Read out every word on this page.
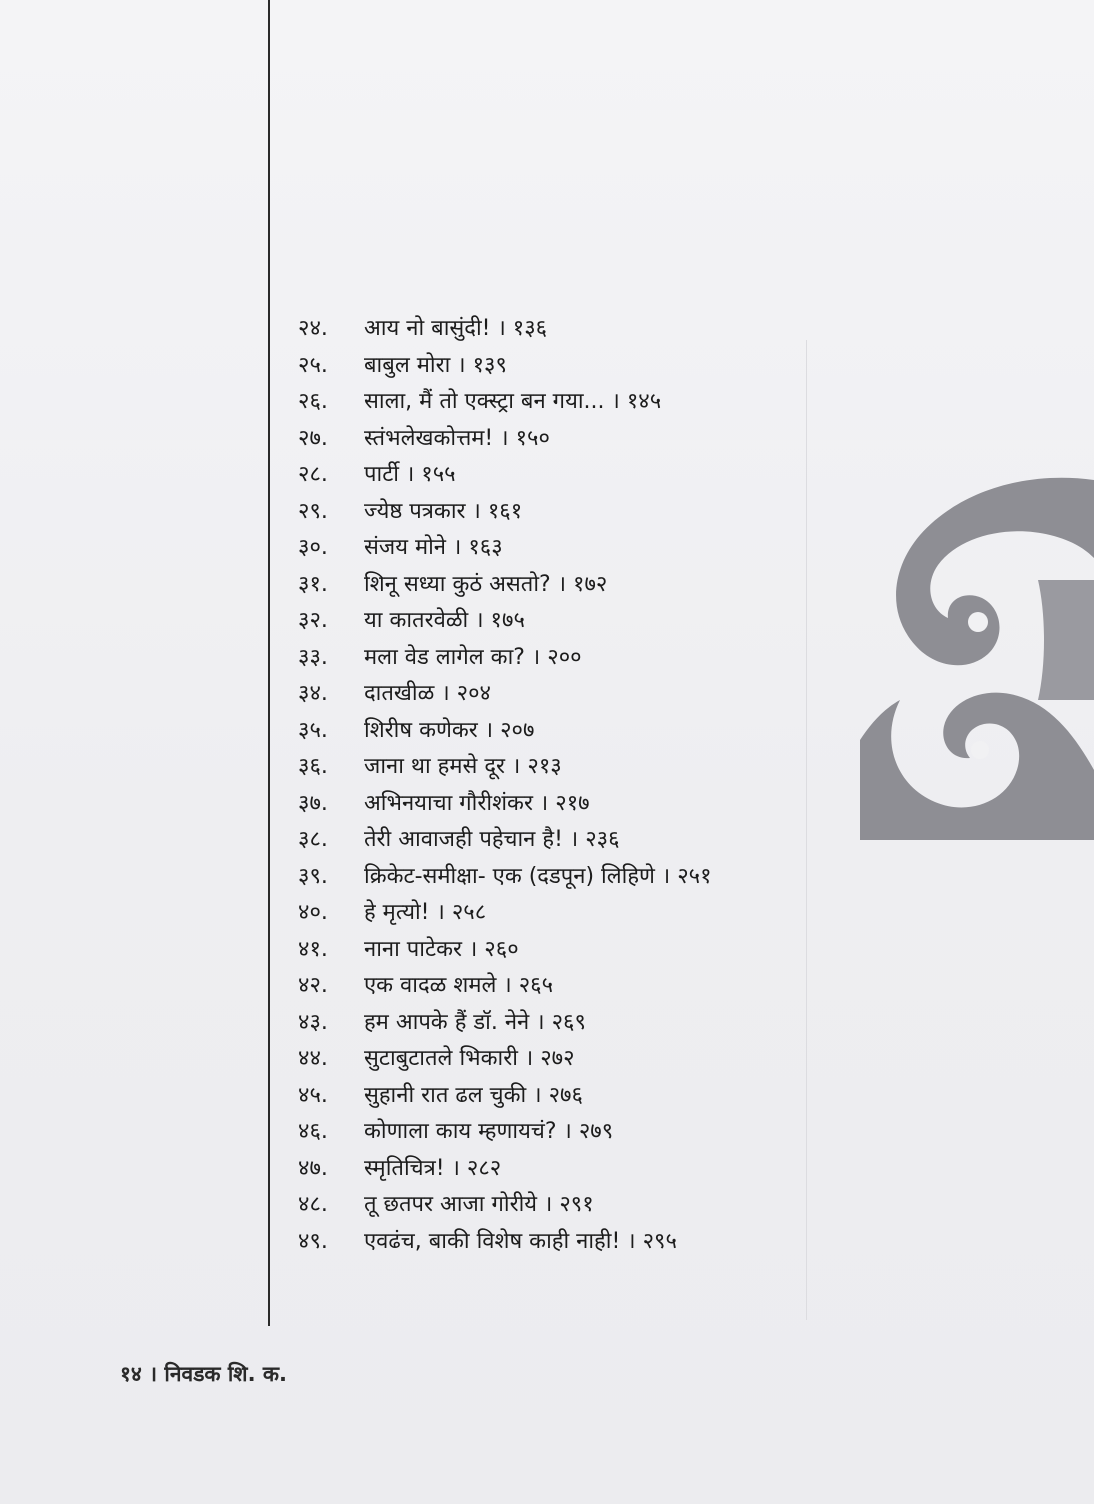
२४.	आय नो बासुंदी! । १३६
२५.	बाबुल मोरा । १३९
२६.	साला, मैं तो एक्स्ट्रा बन गया... । १४५
२७.	स्तंभलेखकोत्तम! । १५०
२८.	पार्टी । १५५
२९.	ज्येष्ठ पत्रकार । १६१
३०.	संजय मोने । १६३
३१.	शिनू सध्या कुठं असतो? । १७२
३२.	या कातरवेळी । १७५
३३.	मला वेड लागेल का? । २००
३४.	दातखीळ । २०४
३५.	शिरीष कणेकर । २०७
३६.	जाना था हमसे दूर । २१३
३७.	अभिनयाचा गौरीशंकर । २१७
३८.	तेरी आवाजही पहेचान है! । २३६
३९.	क्रिकेट-समीक्षा- एक (दडपून) लिहिणे । २५१
४०.	हे मृत्यो! । २५८
४१.	नाना पाटेकर । २६०
४२.	एक वादळ शमले । २६५
४३.	हम आपके हैं डॉ. नेने । २६९
४४.	सुटाबुटातले भिकारी । २७२
४५.	सुहानी रात ढल चुकी । २७६
४६.	कोणाला काय म्हणायचं? । २७९
४७.	स्मृतिचित्र! । २८२
४८.	तू छतपर आजा गोरीये । २९१
४९.	एवढंच, बाकी विशेष काही नाही! । २९५
१४ । निवडक शि. क.
